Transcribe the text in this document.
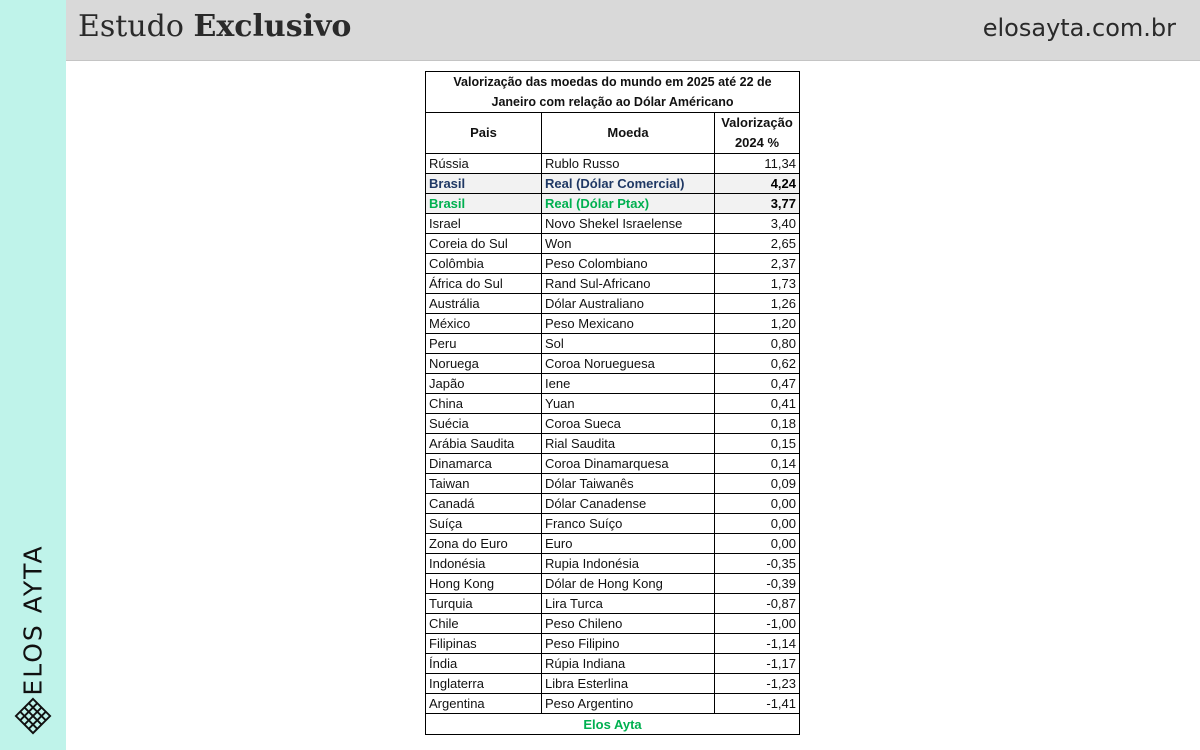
ELOS AYTA
Estudo Exclusivo	elosayta.com.br
Valorização das moedas do mundo em 2025 até 22 de Janeiro com relação ao Dólar Américano		
Pais	Moeda	Valorização 2024 %
Rússia	Rublo Russo	11,34
Brasil	Real (Dólar Comercial)	4,24
Brasil	Real (Dólar Ptax)	3,77
Israel	Novo Shekel Israelense	3,40
Coreia do Sul	Won	2,65
Colômbia	Peso Colombiano	2,37
África do Sul	Rand Sul-Africano	1,73
Austrália	Dólar Australiano	1,26
México	Peso Mexicano	1,20
Peru	Sol	0,80
Noruega	Coroa Norueguesa	0,62
Japão	Iene	0,47
China	Yuan	0,41
Suécia	Coroa Sueca	0,18
Arábia Saudita	Rial Saudita	0,15
Dinamarca	Coroa Dinamarquesa	0,14
Taiwan	Dólar Taiwanês	0,09
Canadá	Dólar Canadense	0,00
Suíça	Franco Suíço	0,00
Zona do Euro	Euro	0,00
Indonésia	Rupia Indonésia	-0,35
Hong Kong	Dólar de Hong Kong	-0,39
Turquia	Lira Turca	-0,87
Chile	Peso Chileno	-1,00
Filipinas	Peso Filipino	-1,14
Índia	Rúpia Indiana	-1,17
Inglaterra	Libra Esterlina	-1,23
Argentina	Peso Argentino	-1,41
Elos Ayta		
